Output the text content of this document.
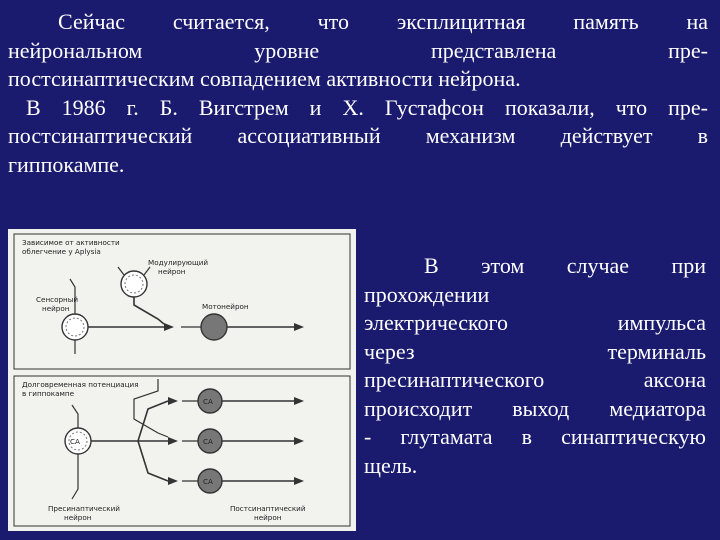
Сейчас считается, что эксплицитная память на
нейрональном уровне представлена пре-

постсинаптическим совпадением активности нейрона.

В 1986 г. Б. Вигстрем и Х. Густафсон показали, что пре-
постсинаптический ассоциативный механизм действует в

гиппокампе.

Зависимое от активности
облегчение у Aplysia
Модулирующий
нейрон
Сенсорный
нейрон	Мотонейрон
Долговременная потенциация
в гиппокампе
CA
Пресинаптический
нейрон
CA
CA
CA
Постсинаптический
нейрон

В этом случае при

прохождении

электрического импульса
через терминаль
пресинаптического аксона
происходит выход медиатора
- глутамата в синаптическую

щель.
